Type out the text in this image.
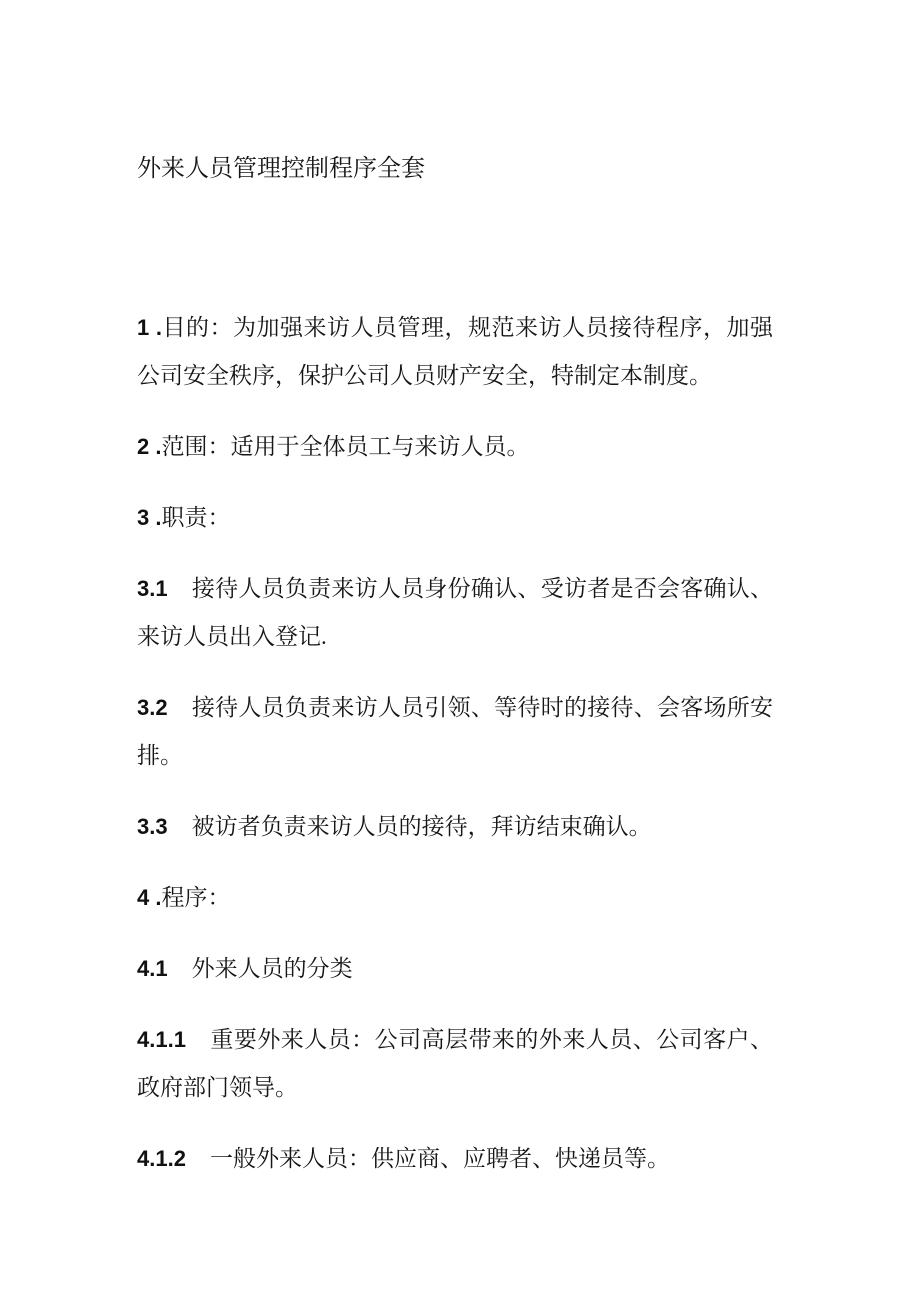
外来人员管理控制程序全套
1 .目的：为加强来访人员管理，规范来访人员接待程序，加强
公司安全秩序，保护公司人员财产安全，特制定本制度。
2 .范围：适用于全体员工与来访人员。
3 .职责：
3.1 接待人员负责来访人员身份确认、受访者是否会客确认、
来访人员出入登记.
3.2 接待人员负责来访人员引领、等待时的接待、会客场所安
排。
3.3 被访者负责来访人员的接待，拜访结束确认。
4 .程序：
4.1 外来人员的分类
4.1.1 重要外来人员：公司高层带来的外来人员、公司客户、
政府部门领导。
4.1.2 一般外来人员：供应商、应聘者、快递员等。
